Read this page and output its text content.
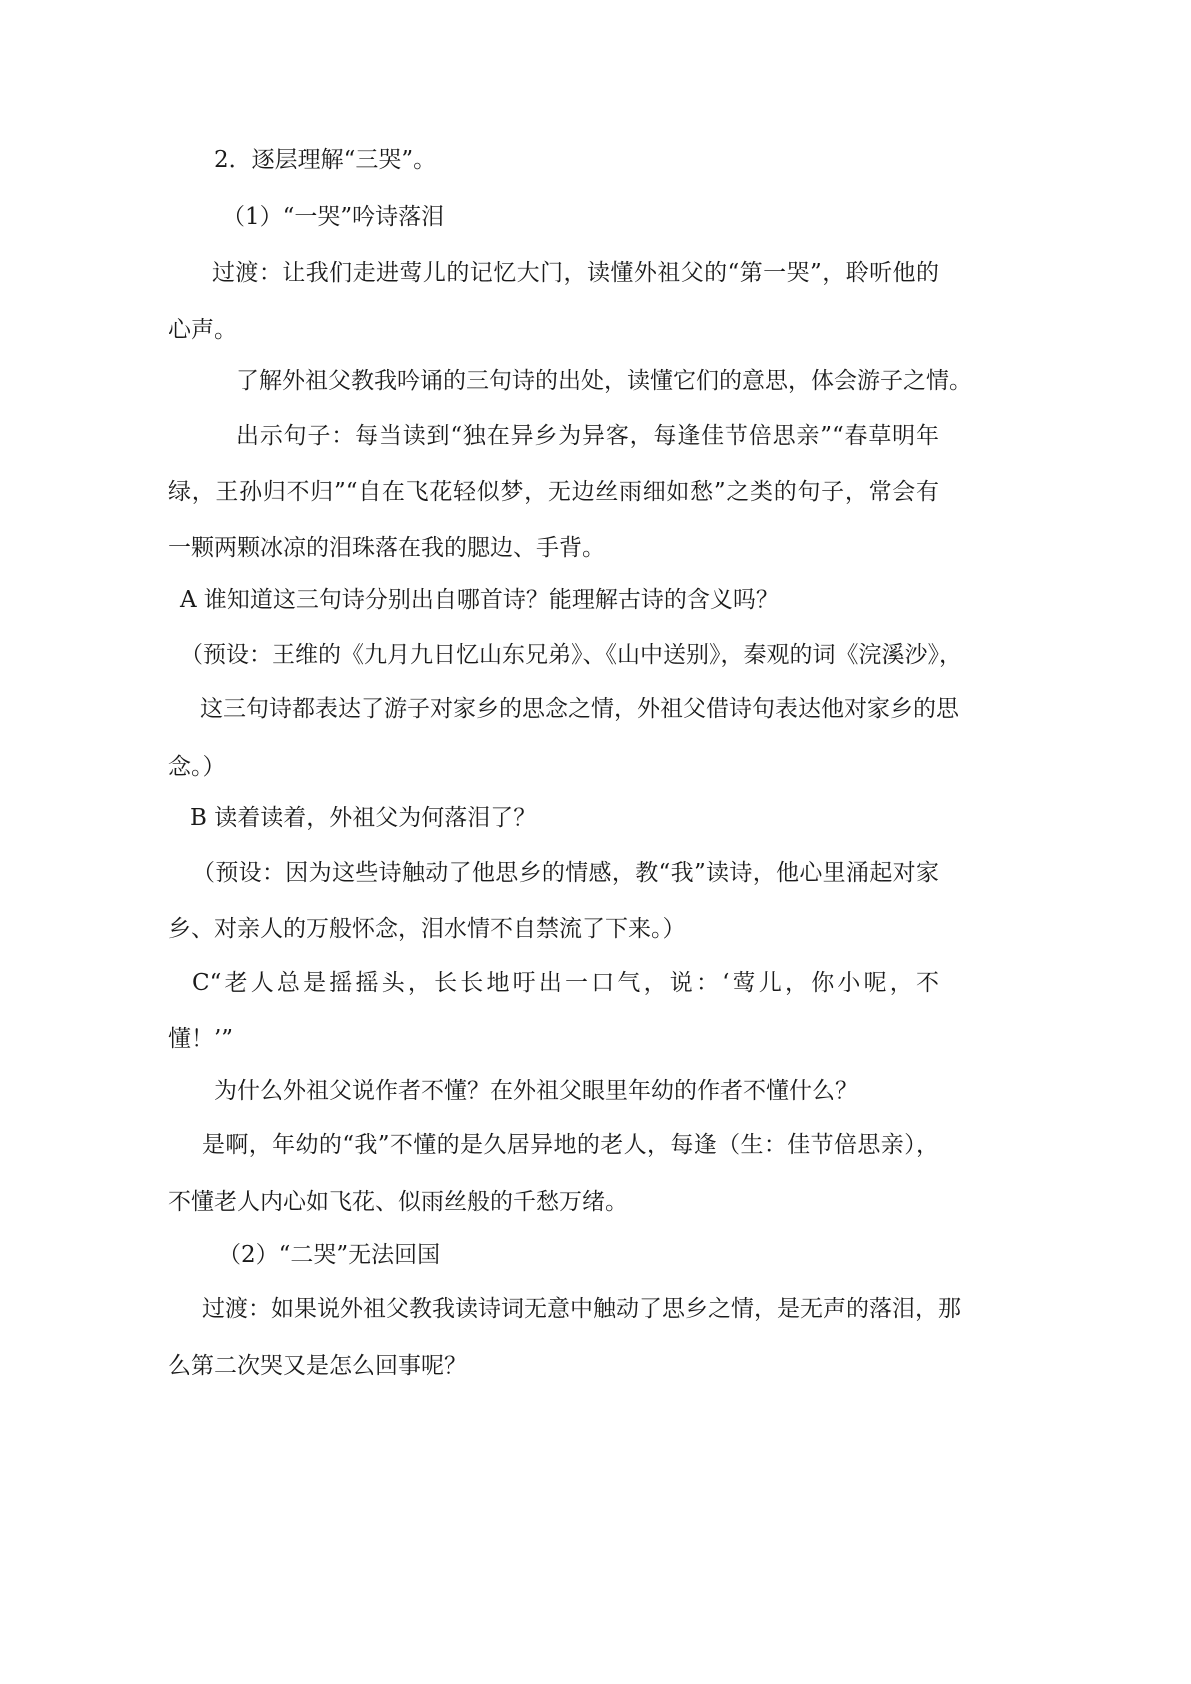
2．逐层理解“三哭”。
（1）“一哭”吟诗落泪
过渡：让我们走进莺儿的记忆大门，读懂外祖父的“第一哭”，聆听他的
心声。
了解外祖父教我吟诵的三句诗的出处，读懂它们的意思，体会游子之情。
出示句子：每当读到“独在异乡为异客，每逢佳节倍思亲”“春草明年
绿，王孙归不归”“自在飞花轻似梦，无边丝雨细如愁”之类的句子，常会有
一颗两颗冰凉的泪珠落在我的腮边、手背。
A 谁知道这三句诗分别出自哪首诗？能理解古诗的含义吗？
（预设：王维的《九月九日忆山东兄弟》、《山中送别》，秦观的词《浣溪沙》，
这三句诗都表达了游子对家乡的思念之情，外祖父借诗句表达他对家乡的思
念。）
B 读着读着，外祖父为何落泪了？
（预设：因为这些诗触动了他思乡的情感，教“我”读诗，他心里涌起对家
乡、对亲人的万般怀念，泪水情不自禁流了下来。）
C“老人总是摇摇头，长长地吁出一口气，说：‘莺儿，你小呢，不
懂！’”
为什么外祖父说作者不懂？在外祖父眼里年幼的作者不懂什么？
是啊，年幼的“我”不懂的是久居异地的老人，每逢（生：佳节倍思亲），
不懂老人内心如飞花、似雨丝般的千愁万绪。
（2）“二哭”无法回国
过渡：如果说外祖父教我读诗词无意中触动了思乡之情，是无声的落泪，那
么第二次哭又是怎么回事呢？
